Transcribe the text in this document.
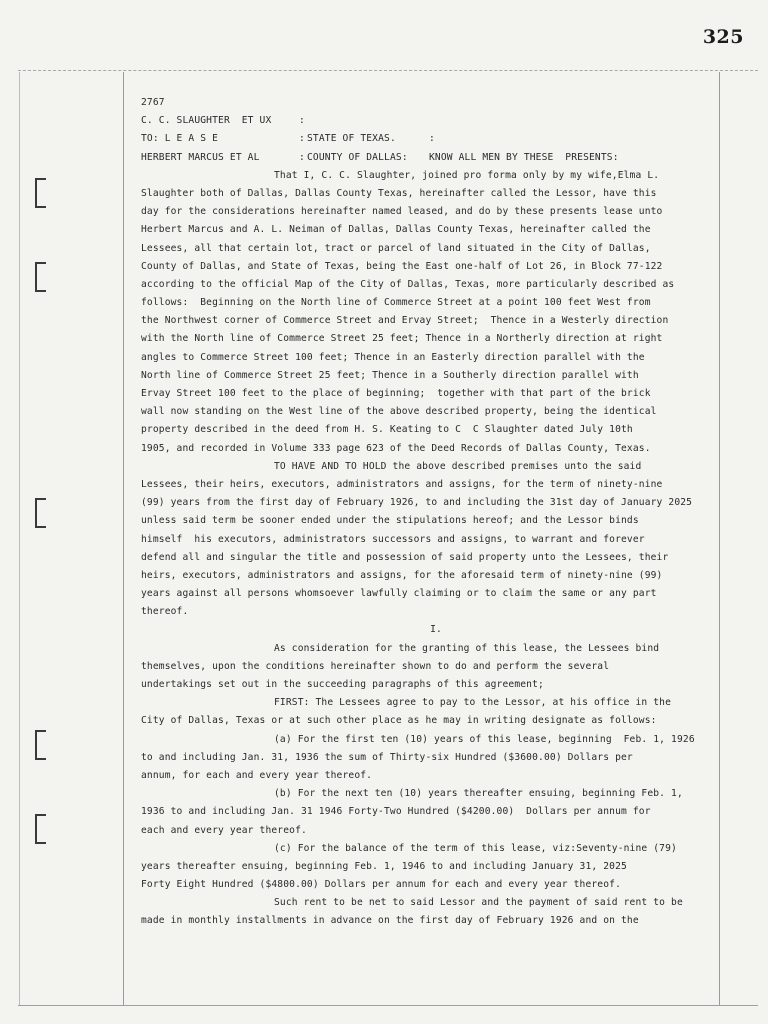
325
2767
C. C. SLAUGHTER  ET UX	:
TO: L E A S E	: STATE OF TEXAS.	:
HERBERT MARCUS ET AL	: COUNTY OF DALLAS:	KNOW ALL MEN BY THESE  PRESENTS:
That I, C. C. Slaughter, joined pro forma only by my wife,Elma L.
Slaughter both of Dallas, Dallas County Texas, hereinafter called the Lessor, have this
day for the considerations hereinafter named leased, and do by these presents lease unto
Herbert Marcus and A. L. Neiman of Dallas, Dallas County Texas, hereinafter called the
Lessees, all that certain lot, tract or parcel of land situated in the City of Dallas,
County of Dallas, and State of Texas, being the East one-half of Lot 26, in Block 77-122
according to the official Map of the City of Dallas, Texas, more particularly described as
follows:  Beginning on the North line of Commerce Street at a point 100 feet West from
the Northwest corner of Commerce Street and Ervay Street;  Thence in a Westerly direction
with the North line of Commerce Street 25 feet; Thence in a Northerly direction at right
angles to Commerce Street 100 feet; Thence in an Easterly direction parallel with the
North line of Commerce Street 25 feet; Thence in a Southerly direction parallel with
Ervay Street 100 feet to the place of beginning;  together with that part of the brick
wall now standing on the West line of the above described property, being the identical
property described in the deed from H. S. Keating to C  C Slaughter dated July 10th
1905, and recorded in Volume 333 page 623 of the Deed Records of Dallas County, Texas.
TO HAVE AND TO HOLD the above described premises unto the said
Lessees, their heirs, executors, administrators and assigns, for the term of ninety-nine
(99) years from the first day of February 1926, to and including the 31st day of January 2025
unless said term be sooner ended under the stipulations hereof; and the Lessor binds
himself  his executors, administrators successors and assigns, to warrant and forever
defend all and singular the title and possession of said property unto the Lessees, their
heirs, executors, administrators and assigns, for the aforesaid term of ninety-nine (99)
years against all persons whomsoever lawfully claiming or to claim the same or any part
thereof.
I.
As consideration for the granting of this lease, the Lessees bind
themselves, upon the conditions hereinafter shown to do and perform the several
undertakings set out in the succeeding paragraphs of this agreement;
FIRST: The Lessees agree to pay to the Lessor, at his office in the
City of Dallas, Texas or at such other place as he may in writing designate as follows:
(a) For the first ten (10) years of this lease, beginning  Feb. 1, 1926
to and including Jan. 31, 1936 the sum of Thirty-six Hundred ($3600.00) Dollars per
annum, for each and every year thereof.
(b) For the next ten (10) years thereafter ensuing, beginning Feb. 1,
1936 to and including Jan. 31 1946 Forty-Two Hundred ($4200.00)  Dollars per annum for
each and every year thereof.
(c) For the balance of the term of this lease, viz:Seventy-nine (79)
years thereafter ensuing, beginning Feb. 1, 1946 to and including January 31, 2025
Forty Eight Hundred ($4800.00) Dollars per annum for each and every year thereof.
Such rent to be net to said Lessor and the payment of said rent to be
made in monthly installments in advance on the first day of February 1926 and on the
